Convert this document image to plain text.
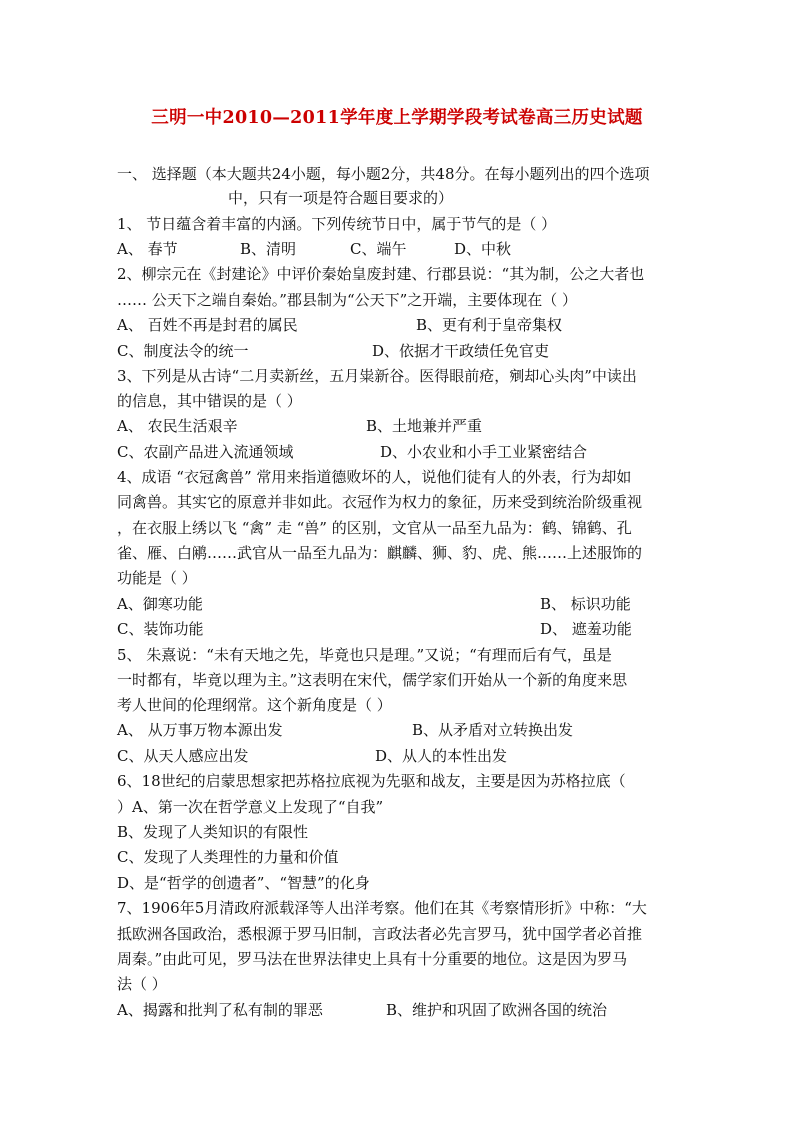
三明一中2010—2011学年度上学期学段考试卷高三历史试题
一、 选择题（本大题共24小题，每小题2分，共48分。在每小题列出的四个选项
中，只有一项是符合题目要求的）
1、 节日蕴含着丰富的内涵。下列传统节日中，属于节气的是（ ）
A、 春节	B、清明	C、端午	D、中秋
2、柳宗元在《封建论》中评价秦始皇废封建、行郡县说：“其为制，公之大者也
…… 公天下之端自秦始。”郡县制为“公天下”之开端，主要体现在（ ）
A、 百姓不再是封君的属民	B、更有利于皇帝集权
C、制度法令的统一	D、依据才干政绩任免官吏
3、下列是从古诗“二月卖新丝，五月粜新谷。医得眼前疮，剜却心头肉”中读出
的信息，其中错误的是（ ）
A、 农民生活艰辛	B、土地兼并严重
C、农副产品进入流通领域	D、小农业和小手工业紧密结合
4、成语 “衣冠禽兽” 常用来指道德败坏的人，说他们徒有人的外表，行为却如
同禽兽。其实它的原意并非如此。衣冠作为权力的象征，历来受到统治阶级重视
，在衣服上绣以飞 “禽” 走 “兽” 的区别，文官从一品至九品为：鹤、锦鹤、孔
雀、雁、白鹇……武官从一品至九品为：麒麟、狮、豹、虎、熊……上述服饰的
功能是（ ）
A、御寒功能	B、 标识功能
C、装饰功能	D、 遮羞功能
5、 朱熹说：“未有天地之先，毕竟也只是理。”又说；“有理而后有气，虽是
一时都有，毕竟以理为主。”这表明在宋代，儒学家们开始从一个新的角度来思
考人世间的伦理纲常。这个新角度是（ ）
A、 从万事万物本源出发	B、从矛盾对立转换出发
C、从天人感应出发	D、从人的本性出发
6、18世纪的启蒙思想家把苏格拉底视为先驱和战友，主要是因为苏格拉底（
）A、第一次在哲学意义上发现了“自我”
B、发现了人类知识的有限性
C、发现了人类理性的力量和价值
D、是“哲学的创遗者”、“智慧”的化身
7、1906年5月清政府派载泽等人出洋考察。他们在其《考察情形折》中称：“大
抵欧洲各国政治，悉根源于罗马旧制，言政法者必先言罗马，犹中国学者必首推
周秦。”由此可见，罗马法在世界法律史上具有十分重要的地位。这是因为罗马
法（ ）
A、揭露和批判了私有制的罪恶	B、维护和巩固了欧洲各国的统治
